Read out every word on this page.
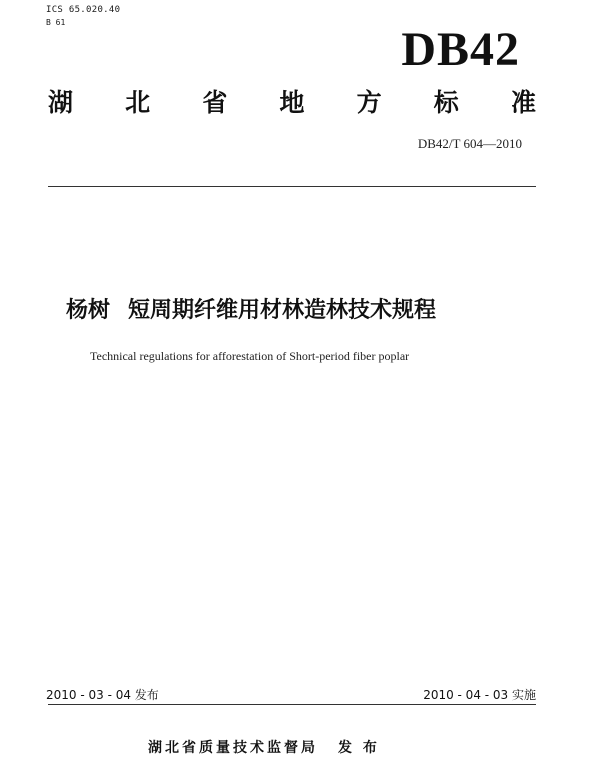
ICS 65.020.40
B 61
DB42
湖 北 省 地 方 标 准
DB42/T 604—2010
杨树 短周期纤维用材林造林技术规程
Technical regulations for afforestation of Short-period fiber poplar
2010 - 03 - 04 发布	2010 - 04 - 03 实施
湖北省质量技术监督局 发 布
